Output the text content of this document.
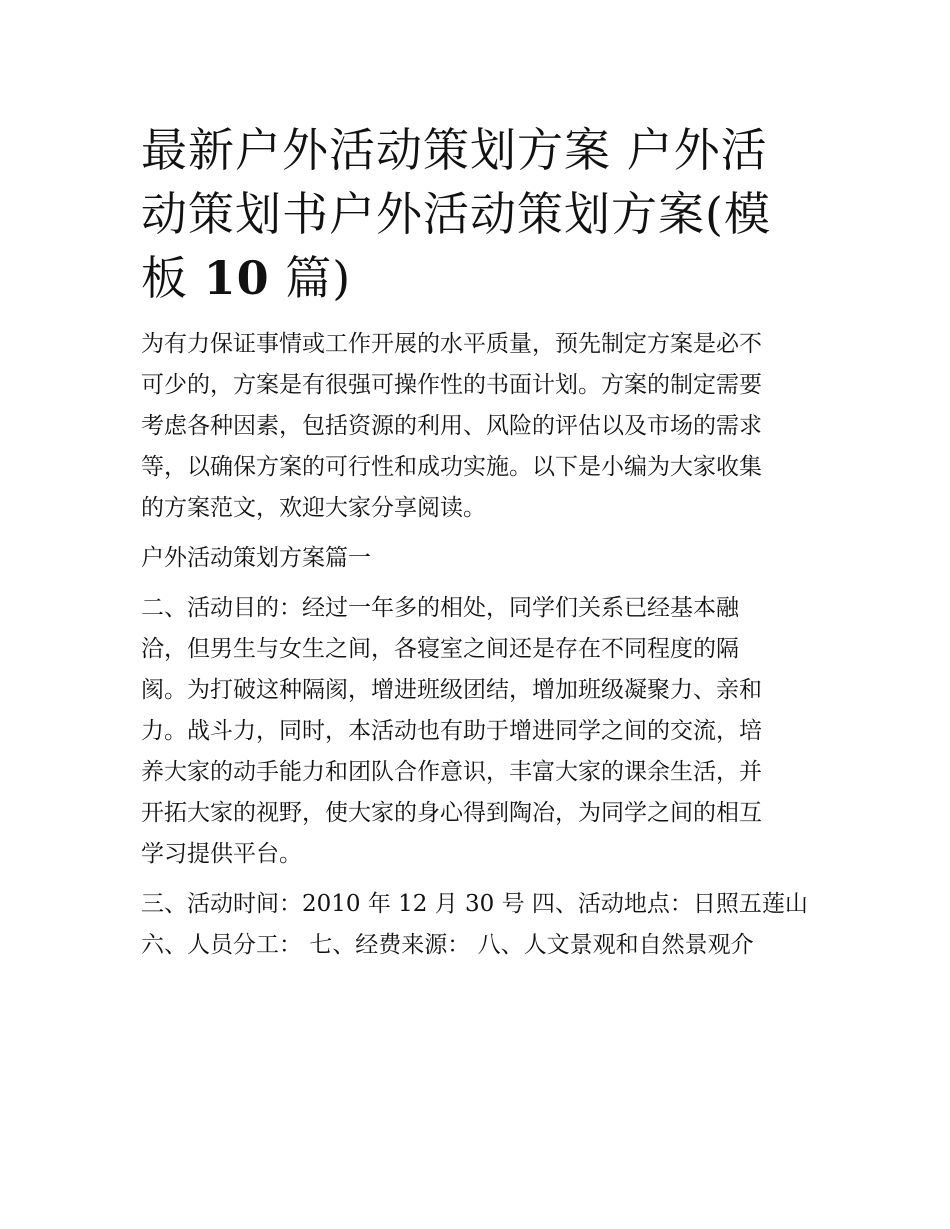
最新户外活动策划方案 户外活
动策划书户外活动策划方案(模
板 10 篇)
为有力保证事情或工作开展的水平质量，预先制定方案是必不
可少的，方案是有很强可操作性的书面计划。方案的制定需要
考虑各种因素，包括资源的利用、风险的评估以及市场的需求
等，以确保方案的可行性和成功实施。以下是小编为大家收集
的方案范文，欢迎大家分享阅读。
户外活动策划方案篇一
二、活动目的：经过一年多的相处，同学们关系已经基本融
洽，但男生与女生之间，各寝室之间还是存在不同程度的隔
阂。为打破这种隔阂，增进班级团结，增加班级凝聚力、亲和
力。战斗力，同时，本活动也有助于增进同学之间的交流，培
养大家的动手能力和团队合作意识，丰富大家的课余生活，并
开拓大家的视野，使大家的身心得到陶冶，为同学之间的相互
学习提供平台。
三、活动时间：2010 年 12 月 30 号 四、活动地点：日照五莲山
六、人员分工： 七、经费来源： 八、人文景观和自然景观介
